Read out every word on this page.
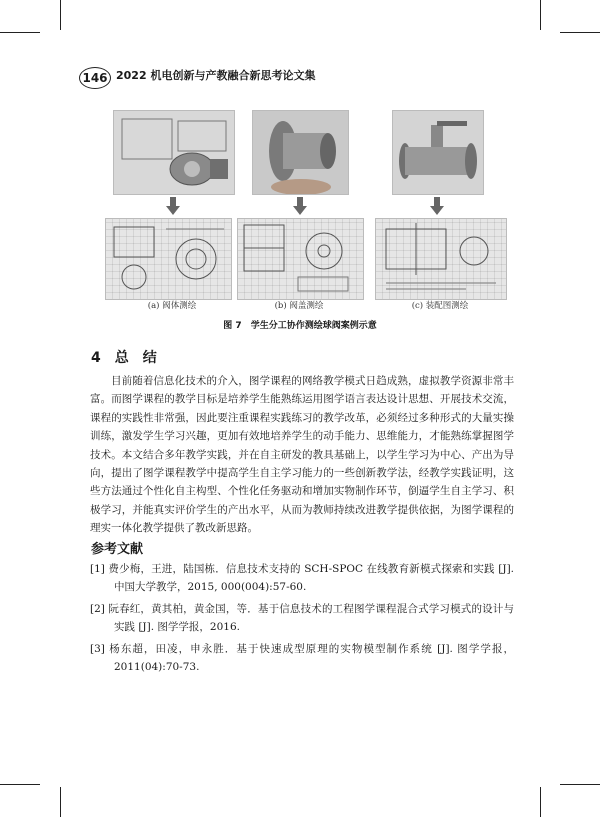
146 2022 机电创新与产教融合新思考论文集
(a) 阀体测绘	(b) 阀盖测绘	(c) 装配图测绘
图 7　学生分工协作测绘球阀案例示意
4　总　结

目前随着信息化技术的介入，图学课程的网络教学模式日趋成熟，虚拟教学资源非常丰富。而图学课程的教学目标是培养学生能熟练运用图学语言表达设计思想、开展技术交流，课程的实践性非常强，因此要注重课程实践练习的教学改革，必须经过多种形式的大量实操训练，激发学生学习兴趣，更加有效地培养学生的动手能力、思维能力，才能熟练掌握图学技术。本文结合多年教学实践，并在自主研发的教具基础上，以学生学习为中心、产出为导向，提出了图学课程教学中提高学生自主学习能力的一些创新教学法，经教学实践证明，这些方法通过个性化自主构型、个性化任务驱动和增加实物制作环节，倒逼学生自主学习、积极学习，并能真实评价学生的产出水平，从而为教师持续改进教学提供依据，为图学课程的理实一体化教学提供了教改新思路。

参考文献

[1] 费少梅，王进，陆国栋．信息技术支持的 SCH-SPOC 在线教育新模式探索和实践 [J]. 中国大学教学，2015, 000(004):57-60.

[2] 阮春红，黄其柏，黄金国，等．基于信息技术的工程图学课程混合式学习模式的设计与实践 [J]. 图学学报，2016.

[3] 杨东超，田凌，申永胜．基于快速成型原理的实物模型制作系统 [J]. 图学学报，2011(04):70-73.
